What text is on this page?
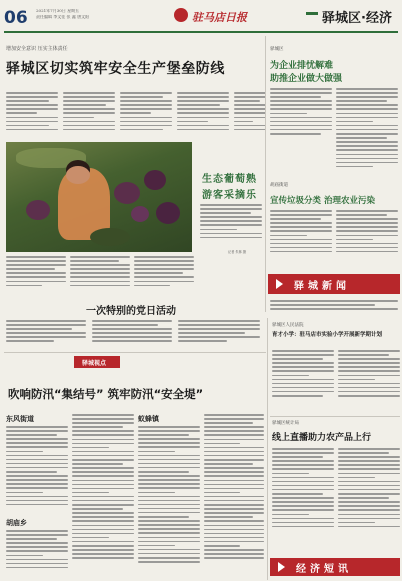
06 2021年7月30日 星期五
责任编辑 李文佳 张 鑫 唐文阳	驻马店日报	驿城区·经济
增加安全意识 压实主体责任
驿城区切实筑牢安全生产堡垒防线
生态葡萄熟
游客采摘乐
记者 朱林 摄
一次特别的党日活动
驿城区
为企业排忧解难
助推企业做大做强
胡庙街道
宣传垃圾分类 治理农业污染
驿城新闻
驿城视点
吹响防汛“集结号” 筑牢防汛“安全堤”
东风街道
胡庙乡
蚁蜂镇
驿城区人民法院
育才小学：驻马店市实验小学开展新学期计划
驿城区统计局
线上直播助力农产品上行
经济短讯
